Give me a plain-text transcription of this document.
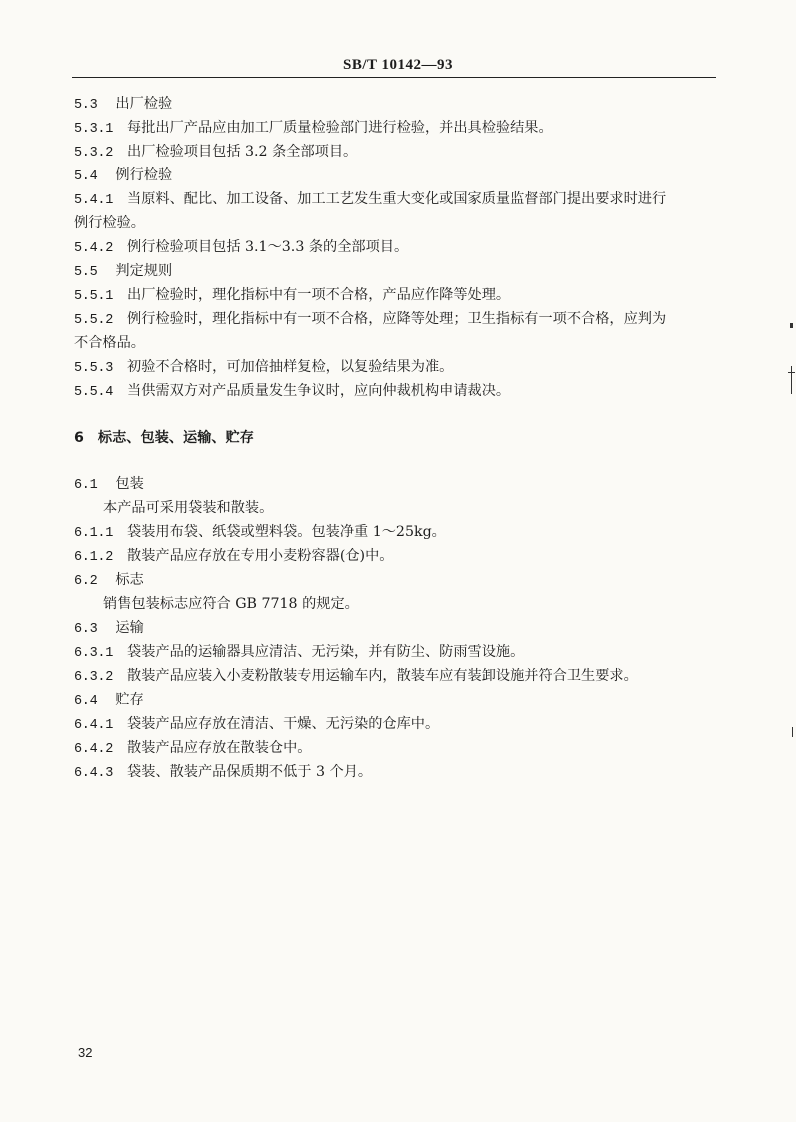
SB/T 10142—93
5.3 出厂检验
5.3.1 每批出厂产品应由加工厂质量检验部门进行检验，并出具检验结果。
5.3.2 出厂检验项目包括 3.2 条全部项目。
5.4 例行检验
5.4.1 当原料、配比、加工设备、加工工艺发生重大变化或国家质量监督部门提出要求时进行
例行检验。
5.4.2 例行检验项目包括 3.1～3.3 条的全部项目。
5.5 判定规则
5.5.1 出厂检验时，理化指标中有一项不合格，产品应作降等处理。
5.5.2 例行检验时，理化指标中有一项不合格，应降等处理；卫生指标有一项不合格，应判为
不合格品。
5.5.3 初验不合格时，可加倍抽样复检，以复验结果为准。
5.5.4 当供需双方对产品质量发生争议时，应向仲裁机构申请裁决。
6 标志、包装、运输、贮存
6.1 包装
本产品可采用袋装和散装。
6.1.1 袋装用布袋、纸袋或塑料袋。包装净重 1～25kg。
6.1.2 散装产品应存放在专用小麦粉容器(仓)中。
6.2 标志
销售包装标志应符合 GB 7718 的规定。
6.3 运输
6.3.1 袋装产品的运输器具应清洁、无污染，并有防尘、防雨雪设施。
6.3.2 散装产品应装入小麦粉散装专用运输车内，散装车应有装卸设施并符合卫生要求。
6.4 贮存
6.4.1 袋装产品应存放在清洁、干燥、无污染的仓库中。
6.4.2 散装产品应存放在散装仓中。
6.4.3 袋装、散装产品保质期不低于 3 个月。
32
